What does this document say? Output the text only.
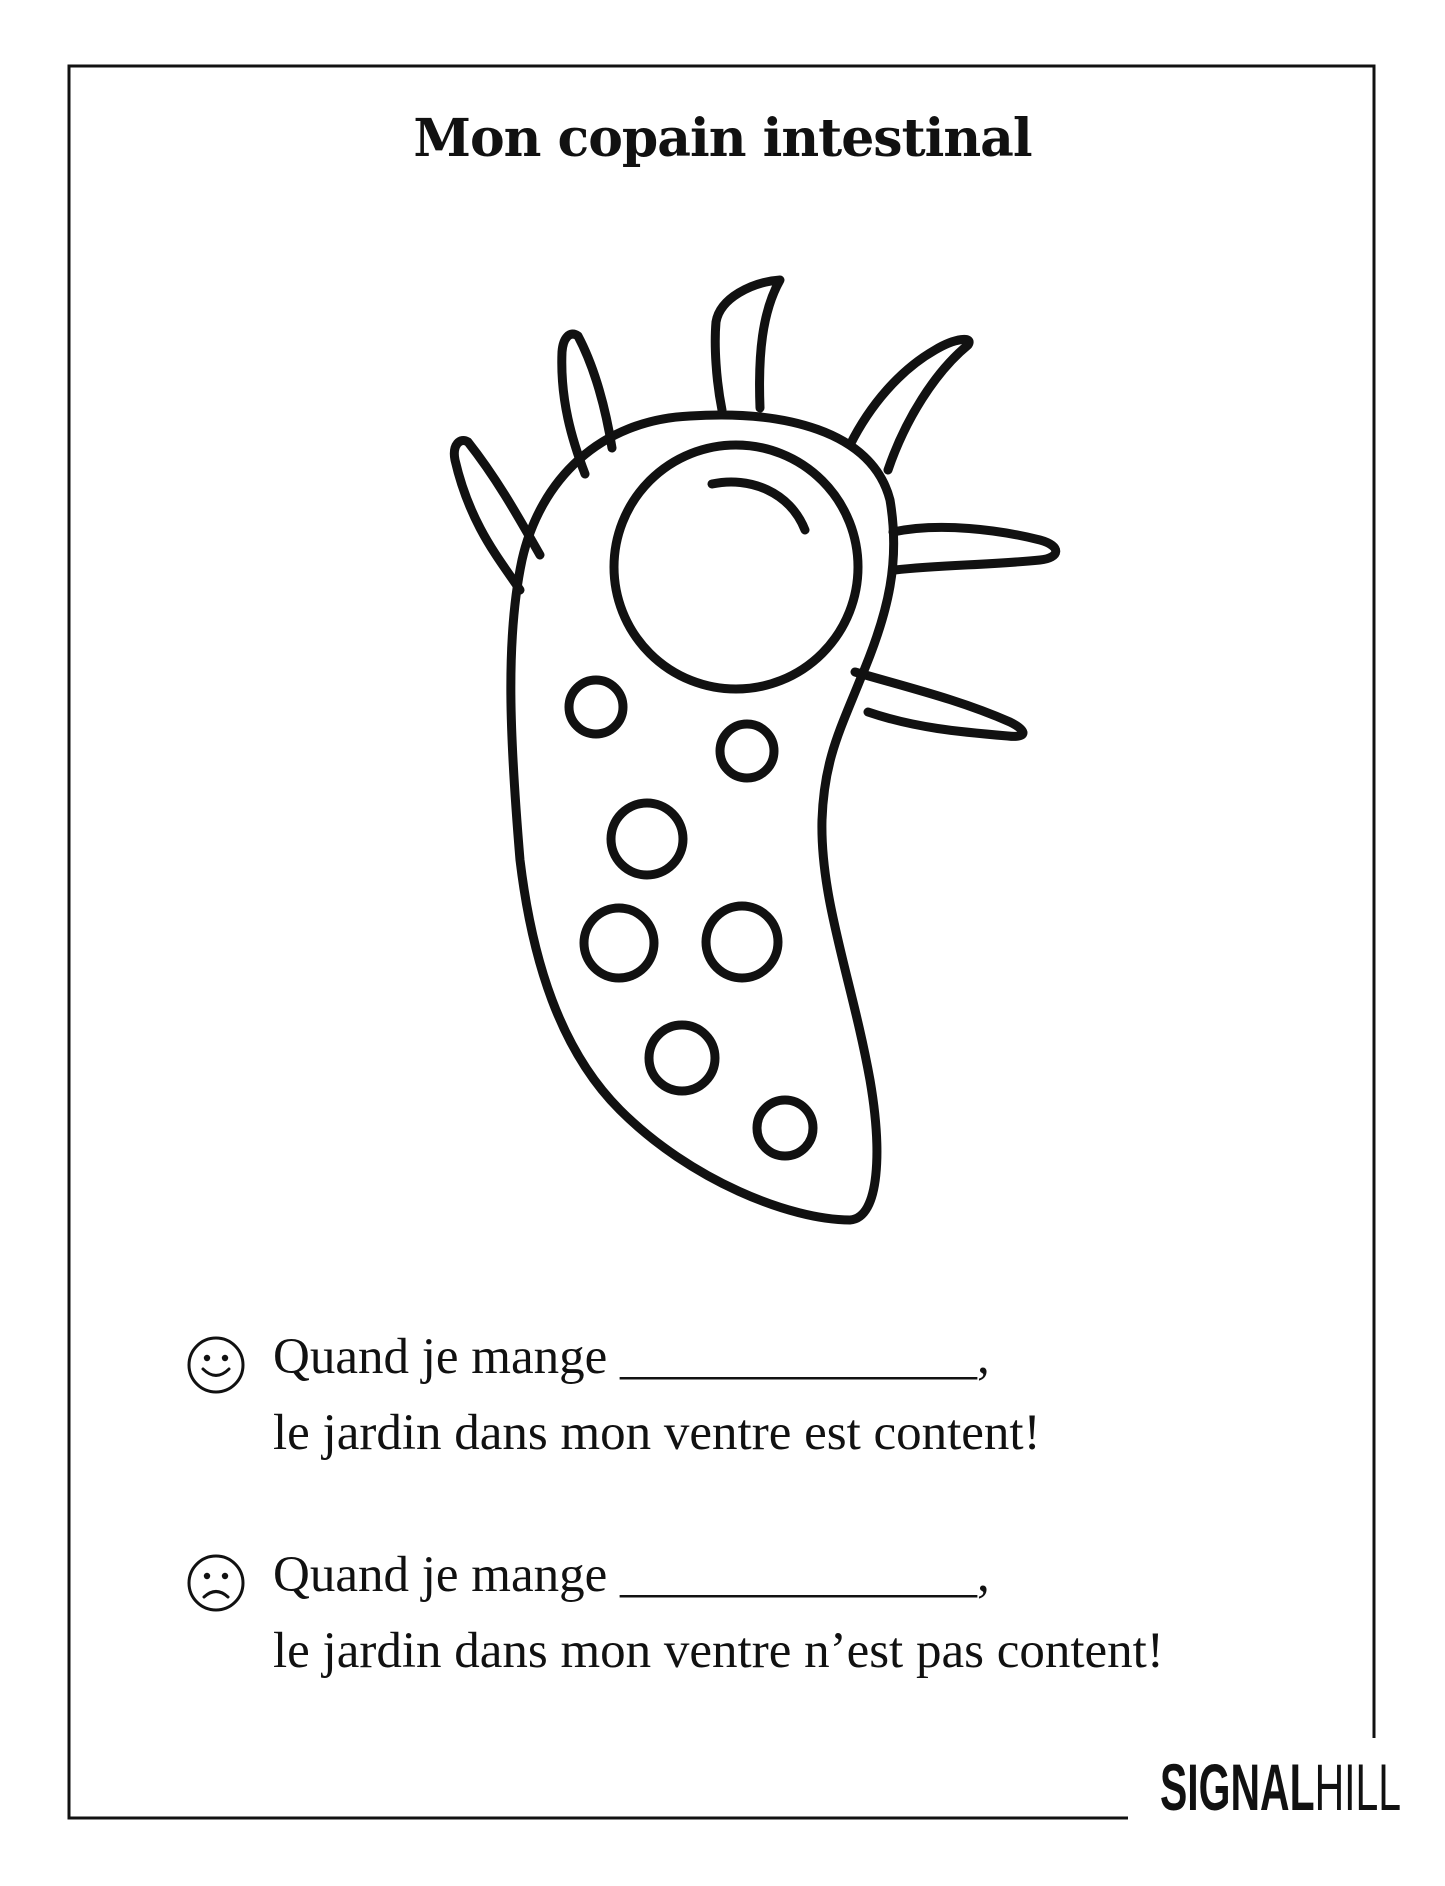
Mon copain intestinal
Quand je mange ______________,
le jardin dans mon ventre est content!
Quand je mange ______________,
le jardin dans mon ventre n’est pas content!
SIGNALHILL
